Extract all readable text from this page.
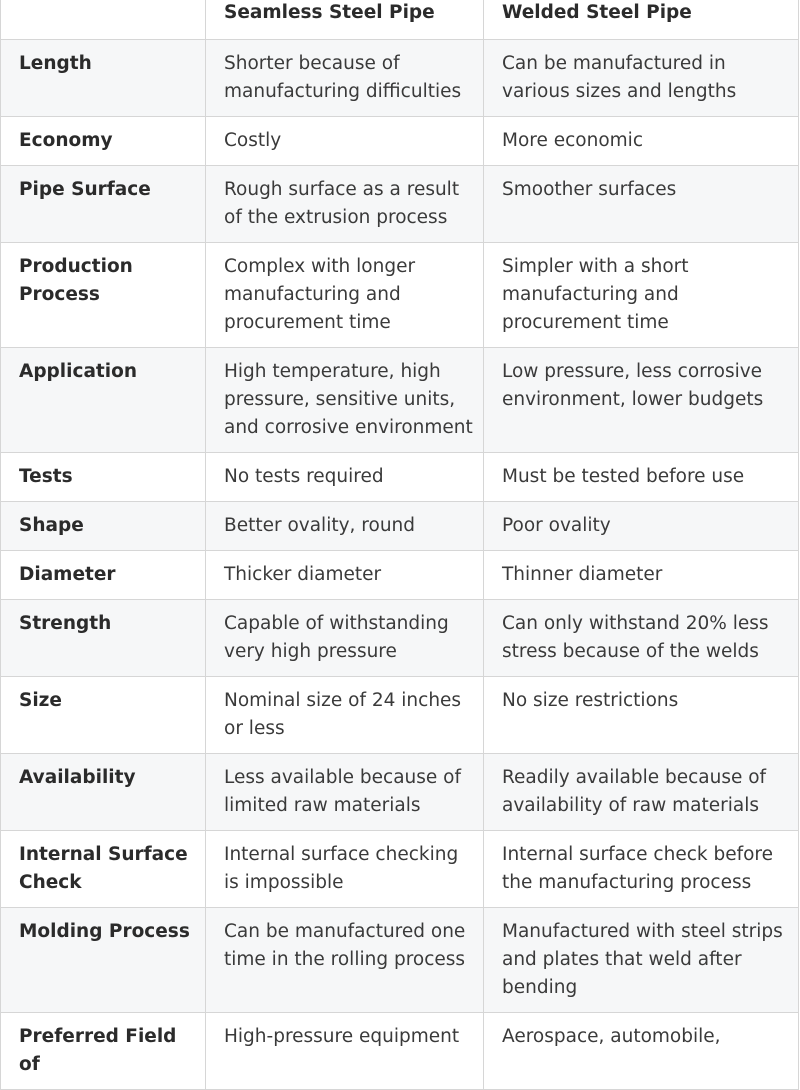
	Seamless Steel Pipe	Welded Steel Pipe
Length	Shorter because of manufacturing difficulties	Can be manufactured in various sizes and lengths
Economy	Costly	More economic
Pipe Surface	Rough surface as a result of the extrusion process	Smoother surfaces
Production Process	Complex with longer manufacturing and procurement time	Simpler with a short manufacturing and procurement time
Application	High temperature, high pressure, sensitive units, and corrosive environment	Low pressure, less corrosive environment, lower budgets
Tests	No tests required	Must be tested before use
Shape	Better ovality, round	Poor ovality
Diameter	Thicker diameter	Thinner diameter
Strength	Capable of withstanding very high pressure	Can only withstand 20% less stress because of the welds
Size	Nominal size of 24 inches or less	No size restrictions
Availability	Less available because of limited raw materials	Readily available because of availability of raw materials
Internal Surface Check	Internal surface checking is impossible	Internal surface check before the manufacturing process
Molding Process	Can be manufactured one time in the rolling process	Manufactured with steel strips and plates that weld after bending
Preferred Field of	High-pressure equipment	Aerospace, automobile,
